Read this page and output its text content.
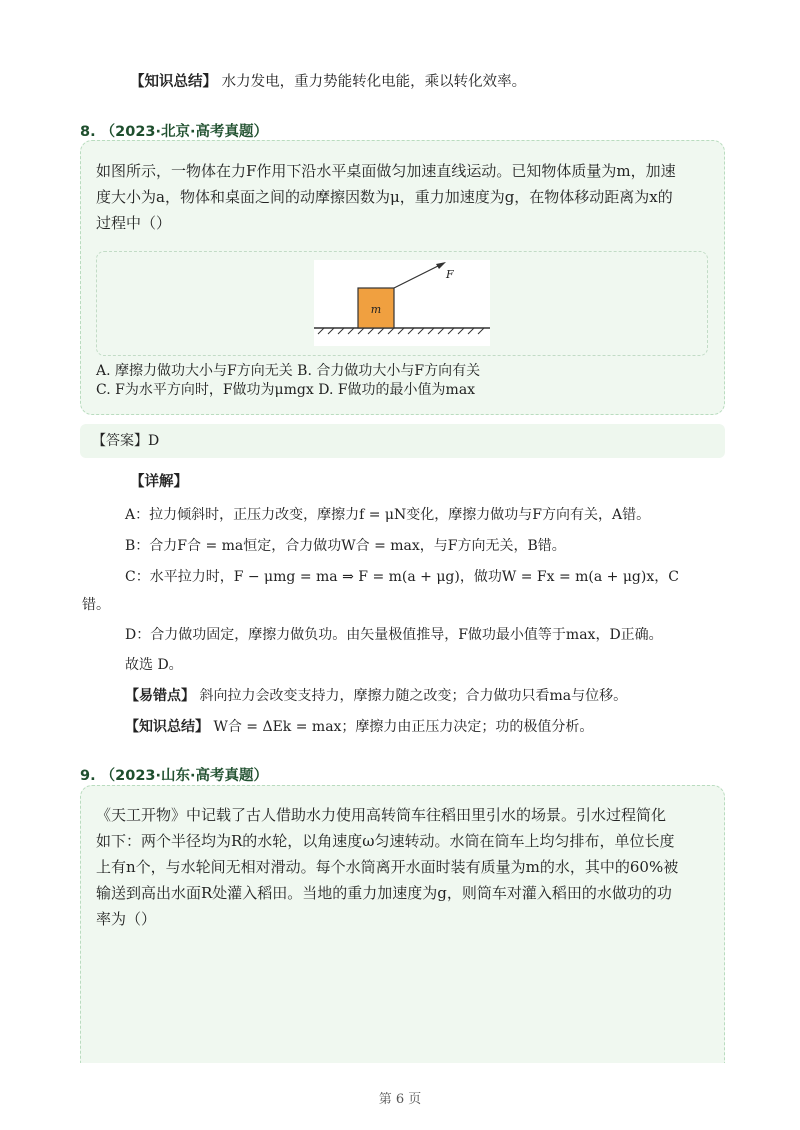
【知识总结】 水力发电，重力势能转化电能，乘以转化效率。
8. （2023·北京·高考真题）
如图所示，一物体在力F作用下沿水平桌面做匀加速直线运动。已知物体质量为m，加速
度大小为a，物体和桌面之间的动摩擦因数为μ，重力加速度为g，在物体移动距离为x的
过程中（）
m
F
A. 摩擦力做功大小与F方向无关 B. 合力做功大小与F方向有关
C. F为水平方向时，F做功为μmgx D. F做功的最小值为max
【答案】D
【详解】
A：拉力倾斜时，正压力改变，摩擦力f = μN变化，摩擦力做功与F方向有关，A错。
B：合力F合 = ma恒定，合力做功W合 = max，与F方向无关，B错。
C：水平拉力时，F − μmg = ma ⇒ F = m(a + μg)，做功W = Fx = m(a + μg)x，C
错。
D：合力做功固定，摩擦力做负功。由矢量极值推导，F做功最小值等于max，D正确。
故选 D。
【易错点】 斜向拉力会改变支持力，摩擦力随之改变；合力做功只看ma与位移。
【知识总结】 W合 = ΔEk = max；摩擦力由正压力决定；功的极值分析。
9. （2023·山东·高考真题）
《天工开物》中记载了古人借助水力使用高转筒车往稻田里引水的场景。引水过程简化
如下：两个半径均为R的水轮，以角速度ω匀速转动。水筒在筒车上均匀排布，单位长度
上有n个，与水轮间无相对滑动。每个水筒离开水面时装有质量为m的水，其中的60%被
输送到高出水面R处灌入稻田。当地的重力加速度为g，则筒车对灌入稻田的水做功的功
率为（）
第 6 页
